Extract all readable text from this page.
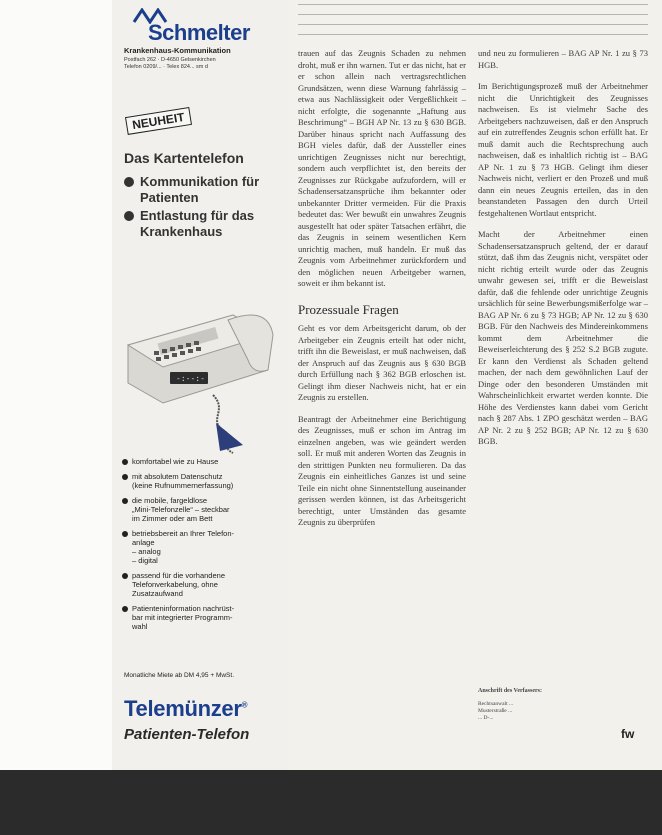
Schmelter
Krankenhaus-Kommunikation
Postfach 262 · D-4650 Gelsenkirchen
Telefon 0209/... · Telex 824... sm d
NEUHEIT
Das Kartentelefon
Kommunikation für Patienten
Entlastung für das Krankenhaus
-:--:-
komfortabel wie zu Hause
mit absolutem Datenschutz
(keine Rufnummernerfassung)
die mobile, fargeldlose
„Mini-Telefonzelle“ – steckbar
im Zimmer oder am Bett
betriebsbereit an Ihrer Telefon-
anlage
– analog
– digital
passend für die vorhandene
Telefonverkabelung, ohne
Zusatzaufwand
Patienteninformation nachrüst-
bar mit integrierter Programm-
wahl
Monatliche Miete ab DM 4,95 + MwSt.
Telemünzer®
Patienten-Telefon

trauen auf das Zeugnis Schaden zu nehmen droht, muß er ihn warnen. Tut er das nicht, hat er er schon allein nach vertragsrechtlichen Grundsätzen, wenn diese Warnung fahrlässig – etwa aus Nachlässigkeit oder Vergeßlichkeit – nicht erfolgte, die sogenannte „Haftung aus Beschrimung“ – BGH AP Nr. 13 zu § 630 BGB. Darüber hinaus spricht nach Auffassung des BGH vieles dafür, daß der Aussteller eines unrichtigen Zeugnisses nicht nur berechtigt, sondern auch verpflichtet ist, den bereits der Zeugnisses zur Rückgabe aufzufordern, will er Schadensersatzansprüche ihm bekannter oder unbekannter Dritter vermeiden. Für die Praxis bedeutet das: Wer bewußt ein unwahres Zeugnis ausgestellt hat oder später Tatsachen erfährt, die das Zeugnis in seinem wesentlichen Kern unrichtig machen, muß handeln. Er muß das Zeugnis vom Arbeitnehmer zurückfordern und den möglichen neuen Arbeitgeber warnen, soweit er ihm bekannt ist.

Prozessuale Fragen

Geht es vor dem Arbeitsgericht darum, ob der Arbeitgeber ein Zeugnis erteilt hat oder nicht, trifft ihn die Beweislast, er muß nachweisen, daß der Anspruch auf das Zeugnis aus § 630 BGB durch Erfüllung nach § 362 BGB erloschen ist. Gelingt ihm dieser Nachweis nicht, hat er ein Zeugnis zu erstellen.

Beantragt der Arbeitnehmer eine Berichtigung des Zeugnisses, muß er schon im Antrag im einzelnen angeben, was wie geändert werden soll. Er muß mit anderen Worten das Zeugnis in den strittigen Punkten neu formulieren. Da das Zeugnis ein einheitliches Ganzes ist und seine Teile ein nicht ohne Sinnentstellung auseinander gerissen werden können, ist das Arbeitsgericht berechtigt, unter Umständen das gesamte Zeugnis zu überprüfen

und neu zu formulieren – BAG AP Nr. 1 zu § 73 HGB.

Im Berichtigungsprozeß muß der Arbeitnehmer nicht die Unrichtigkeit des Zeugnisses nachweisen. Es ist vielmehr Sache des Arbeitgebers nachzuweisen, daß er den Anspruch auf ein zutreffendes Zeugnis schon erfüllt hat. Er muß damit auch die Rechtsprechung auch nachweisen, daß es inhaltlich richtig ist – BAG AP Nr. 1 zu § 73 HGB. Gelingt ihm dieser Nachweis nicht, verliert er den Prozeß und muß dann ein neues Zeugnis erteilen, das in den beanstandeten Passagen den durch Urteil festgehaltenen Wortlaut entspricht.

Macht der Arbeitnehmer einen Schadensersatzanspruch geltend, der er darauf stützt, daß ihm das Zeugnis nicht, verspätet oder nicht richtig erteilt wurde oder das Zeugnis unwahr gewesen sei, trifft er die Beweislast dafür, daß die fehlende oder unrichtige Zeugnis ursächlich für seine Bewerbungsmißerfolge war – BAG AP Nr. 6 zu § 73 HGB; AP Nr. 12 zu § 630 BGB. Für den Nachweis des Mindereinkommens kommt dem Arbeitnehmer die Beweiserleichterung des § 252 S.2 BGB zugute. Er kann den Verdienst als Schaden geltend machen, der nach dem gewöhnlichen Lauf der Dinge oder den besonderen Umständen mit Wahrscheinlichkeit erwartet werden konnte. Die Höhe des Verdienstes kann dabei vom Gericht nach § 287 Abs. 1 ZPO geschätzt werden – BAG AP Nr. 2 zu § 252 BGB; AP Nr. 12 zu § 630 BGB.

Anschrift des Verfassers:
Rechtsanwalt ...
Musterstraße ...
... D-...
fw
